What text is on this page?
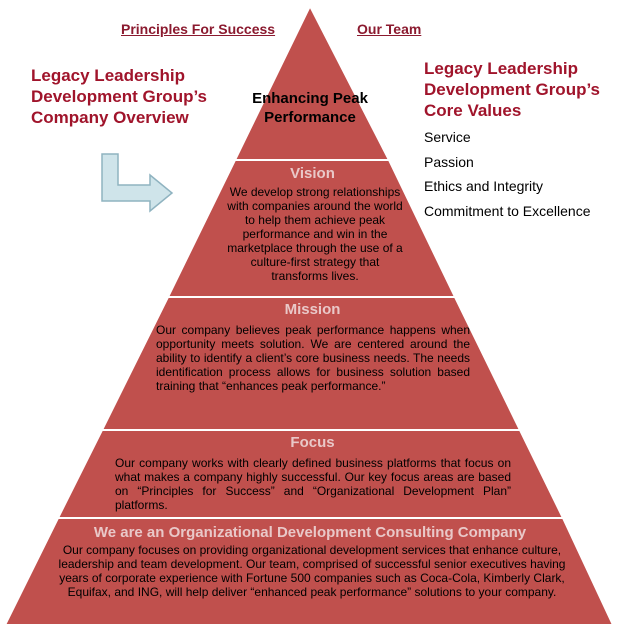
Principles For Success	Our Team
Legacy Leadership Development Group’s Company Overview
Legacy Leadership Development Group’s Core Values
Service
Passion
Ethics and Integrity
Commitment to Excellence
Enhancing Peak Performance
Vision
We develop strong relationships with companies around the world to help them achieve peak performance and win in the marketplace through the use of a culture-first strategy that transforms lives.
Mission
Our company believes peak performance happens when opportunity meets solution. We are centered around the ability to identify a client’s core business needs. The needs identification process allows for business solution based training that “enhances peak performance.”
Focus
Our company works with clearly defined business platforms that focus on what makes a company highly successful. Our key focus areas are based on “Principles for Success” and “Organizational Development Plan” platforms.
We are an Organizational Development Consulting Company
Our company focuses on providing organizational development services that enhance culture, leadership and team development. Our team, comprised of successful senior executives having years of corporate experience with Fortune 500 companies such as Coca-Cola, Kimberly Clark, Equifax, and ING, will help deliver “enhanced peak performance” solutions to your company.
